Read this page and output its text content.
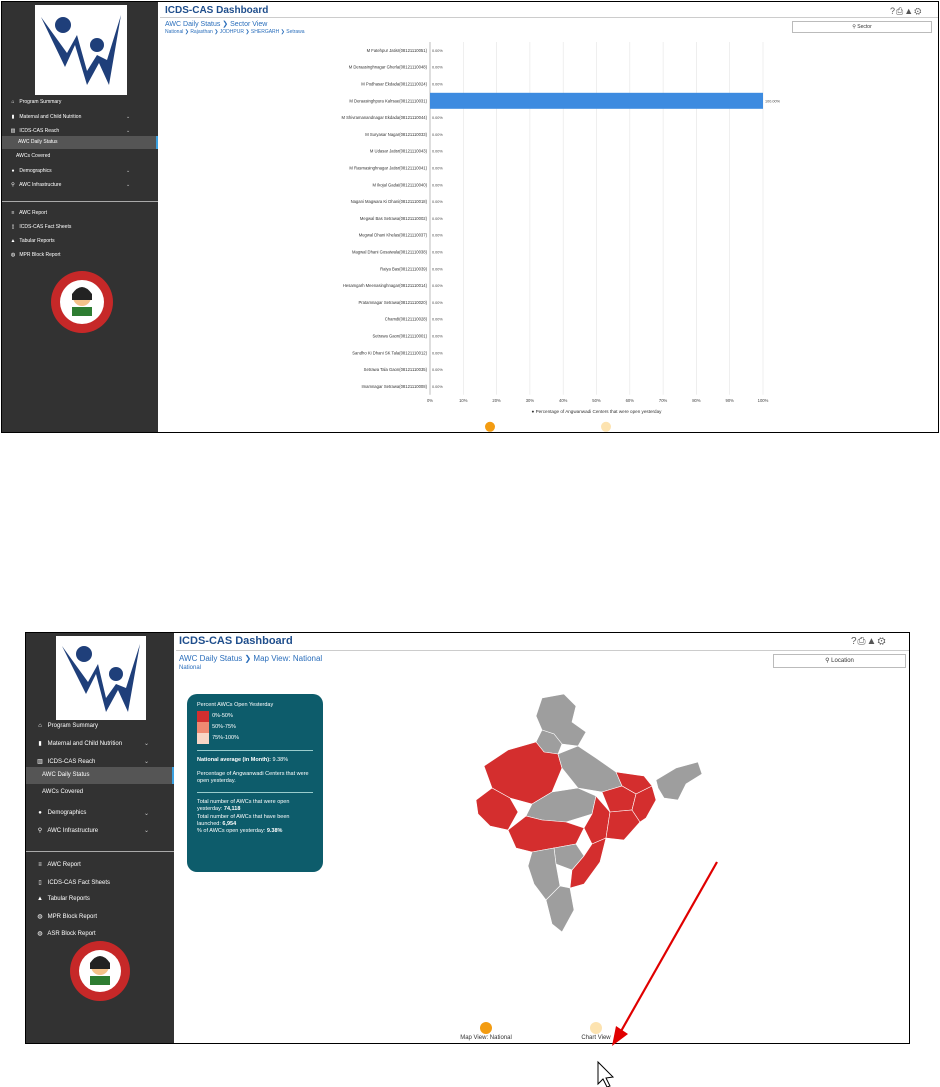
⌂ Program Summary
▮ Maternal and Child Nutrition	⌄
▥ ICDS-CAS Reach	⌄
AWC Daily Status
AWCs Covered
● Demographics	⌄
⚲ AWC Infrastructure	⌄
≡ AWC Report
▯ ICDS-CAS Fact Sheets
▲ Tabular Reports
◍ MPR Block Report
ICDS-CAS Dashboard	?⎙▲⚙
AWC Daily Status ❯ Sector View
National ❯ Rajasthan ❯ JODHPUR ❯ SHERGARH ❯ Setrawa
⚲ Sector
0%	10%	20%	30%	40%	50%	60%	70%	80%	90%	100%
M Fatehpur Jatisr(08121110051) 0.00%
M Deraasinghnagar Gherla(08121110048) 0.00%
M Podhasar Ekdada(08121110024) 0.00%
M Deraasinghpura Kalrsae(08121110031)	100.00%
M Shivramanandnagar Ekdada(08121110044) 0.00%
M Suryasar Nagar(08121110033) 0.00%
M Udasar Jatisr(08121110043) 0.00%
M Rasmasinghnagar Jatisr(08121110041) 0.00%
M Ikojal Gadai(08121110040) 0.00%
Nagani Magwara Ki Dhani(08121110018) 0.00%
Megwal Bas Setrawa(08121110002) 0.00%
Megwal Dhani Khelas(08121110037) 0.00%
Magwal Dhani Gosaiwala(08121110038) 0.00%
Raiya Bas(08121110039) 0.00%
Hesamgarh Meenasinghnagar(08121110014) 0.00%
Pratamnagar Setrawa(08121110020) 0.00%
Chamdi(08121110028) 0.00%
Setrawa Gaon(08121110001) 0.00%
Sandho Ki Dhani SK Tala(08121110012) 0.00%
Setrawa Tala Gaon(08121110035) 0.00%
Imamnagar Setrawa(08121110008) 0.00%
● Percentage of Angwanwadi Centers that were open yesterday
⌂ Program Summary
▮ Maternal and Child Nutrition	⌄
▥ ICDS-CAS Reach	⌄
AWC Daily Status
AWCs Covered
● Demographics	⌄
⚲ AWC Infrastructure	⌄
≡ AWC Report
▯ ICDS-CAS Fact Sheets
▲ Tabular Reports
◍ MPR Block Report
◍ ASR Block Report
ICDS-CAS Dashboard	?⎙▲⚙
AWC Daily Status ❯ Map View: National
National
⚲ Location
Percent AWCs Open Yesterday

0%-50%

50%-75%

75%-100%
National average (in Month): 9.38%
Percentage of Angwanwadi Centers that were open yesterday.
Total number of AWCs that were open yesterday: 74,118
Total number of AWCs that have been launched: 6,954
% of AWCs open yesterday: 9.38%
Map View: National	Chart View
